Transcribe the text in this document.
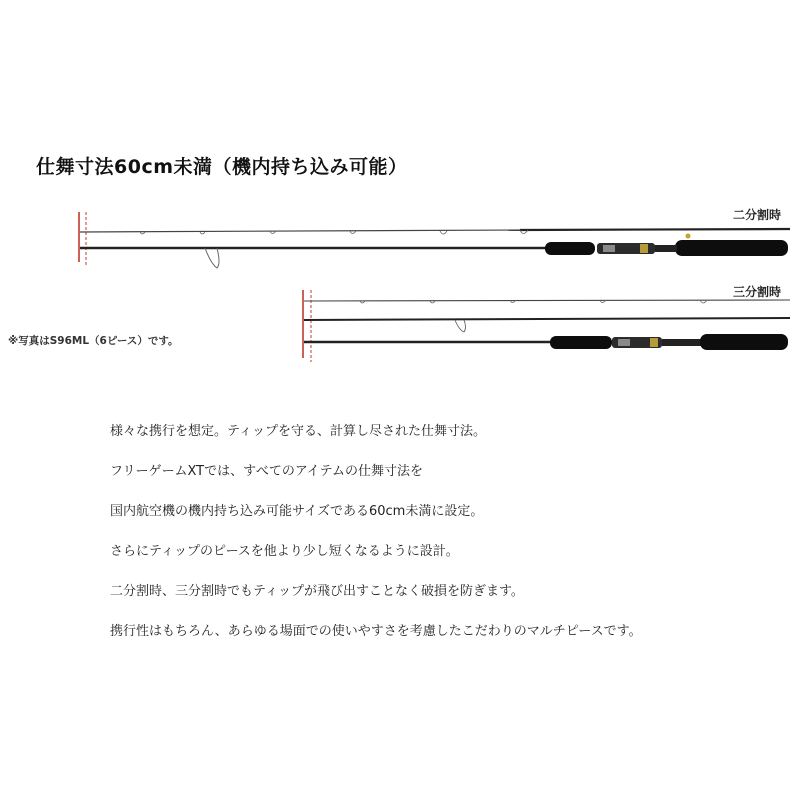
仕舞寸法60cm未満（機内持ち込み可能）
二分割時
三分割時
※写真はS96ML（6ピース）です。

様々な携行を想定。ティップを守る、計算し尽された仕舞寸法。

フリーゲームXTでは、すべてのアイテムの仕舞寸法を

国内航空機の機内持ち込み可能サイズである60cm未満に設定。

さらにティップのピースを他より少し短くなるように設計。

二分割時、三分割時でもティップが飛び出すことなく破損を防ぎます。

携行性はもちろん、あらゆる場面での使いやすさを考慮したこだわりのマルチピースです。
